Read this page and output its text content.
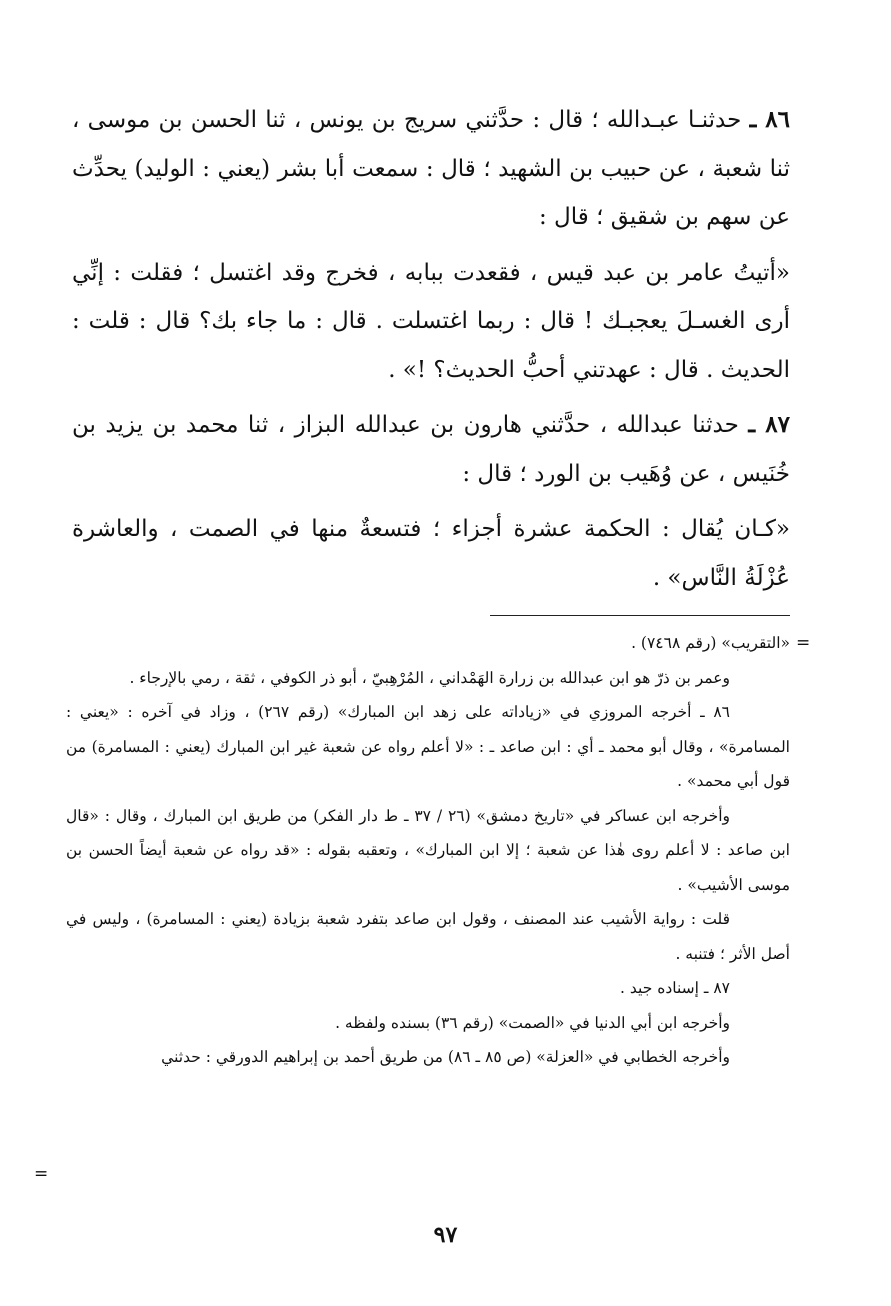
٨٦ ـ حدثنـا عبـدالله ؛ قال : حدَّثني سريج بن يونس ، ثنا الحسن بن موسى ، ثنا شعبة ، عن حبيب بن الشهيد ؛ قال : سمعت أبا بشر (يعني : الوليد) يحدِّث عن سهم بن شقيق ؛ قال :

«أتيتُ عامر بن عبد قيس ، فقعدت ببابه ، فخرج وقد اغتسل ؛ فقلت : إنِّي أرى الغسـلَ يعجبـك ! قال : ربما اغتسلت . قال : ما جاء بك؟ قال : قلت : الحديث . قال : عهدتني أحبُّ الحديث؟ !» .

٨٧ ـ حدثنا عبدالله ، حدَّثني هارون بن عبدالله البزاز ، ثنا محمد بن يزيد بن خُنَيس ، عن وُهَيب بن الورد ؛ قال :

«كـان يُقال : الحكمة عشرة أجزاء ؛ فتسعةٌ منها في الصمت ، والعاشرة عُزْلَةُ النَّاس» .

=

«التقريب» (رقم ٧٤٦٨) .

وعمر بن ذرّ هو ابن عبدالله بن زرارة الهَمْداني ، المُرْهِبيّ ، أبو ذر الكوفي ، ثقة ، رمي بالإرجاء .

٨٦ ـ أخرجه المروزي في «زياداته على زهد ابن المبارك» (رقم ٢٦٧) ، وزاد في آخره : «يعني : المسامرة» ، وقال أبو محمد ـ أي : ابن صاعد ـ : «لا أعلم رواه عن شعبة غير ابن المبارك (يعني : المسامرة) من قول أبي محمد» .

وأخرجه ابن عساكر في «تاريخ دمشق» (٢٦ / ٣٧ ـ ط دار الفكر) من طريق ابن المبارك ، وقال : «قال ابن صاعد : لا أعلم روى هٰذا عن شعبة ؛ إلا ابن المبارك» ، وتعقبه بقوله : «قد رواه عن شعبة أيضاً الحسن بن موسى الأشيب» .

قلت : رواية الأشيب عند المصنف ، وقول ابن صاعد بتفرد شعبة بزيادة (يعني : المسامرة) ، وليس في أصل الأثر ؛ فتنبه .

٨٧ ـ إسناده جيد .

وأخرجه ابن أبي الدنيا في «الصمت» (رقم ٣٦) بسنده ولفظه .

وأخرجه الخطابي في «العزلة» (ص ٨٥ ـ ٨٦) من طريق أحمد بن إبراهيم الدورقي : حدثني

=
٩٧
